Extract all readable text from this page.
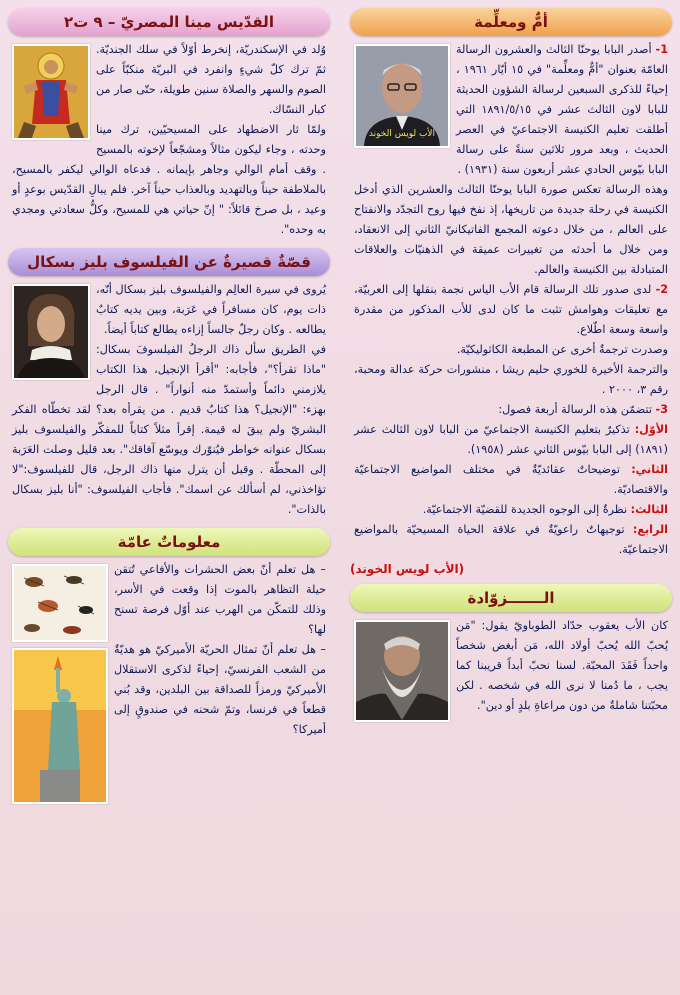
أمٌّ ومعلِّمة
الأب لويس الخوند

1- أصدر البابا يوحنّا الثالث والعشرون الرسالة العامّة بعنوان "أمٌّ ومعلِّمة" في ١٥ أيّار ١٩٦١ ، إحياءً للذكرى السبعين لرسالة الشؤون الحديثة للبابا لاون الثالث عشر في ١٨٩١/٥/١٥ التي أطلقت تعليم الكنيسة الاجتماعيّ في العصر الحديث ، وبعد مرور ثلاثين سنةً على رسالة البابا بيّوس الحادي عشر أربعون سنة (١٩٣١) .

وهذه الرسالة تعكس صورة البابا يوحنّا الثالث والعشرين الذي أدخل الكنيسة في رحلة جديدة من تاريخها، إذ نفخ فيها روح التجدّد والانفتاح على العالم ، من خلال دعوته المجمع الفاتيكانيّ الثاني إلى الانعقاد، ومن خلال ما أحدثه من تغييرات عميقة في الذهنيّات والعلاقات المتبادلة بين الكنيسة والعالم.

2- لدى صدور تلك الرسالة قام الأب الياس نجمة بنقلها إلى العربيّة، مع تعليقات وهوامش تثبت ما كان لدى للأب المذكور من مقدرة واسعة وسعة اطّلاع.

وصدرت ترجمةٌ أخرى عن المطبعة الكاثوليكيّة.

والترجمة الأخيرة للخوري حليم ريشا ، منشورات حركة عدالة ومحبة، رقم ٣، ٢٠٠٠ .

3- تتضمّن هذه الرسالة أربعة فصول:

الأوّل: تذكيرٌ بتعليم الكنيسة الاجتماعيّ من البابا لاون الثالث عشر (١٨٩١) إلى البابا بيّوس الثاني عشر (١٩٥٨).

الثاني: توضيحاتٌ عقائديّةٌ في مختلف المواضيع الاجتماعيّة والاقتصاديّة.

الثالث: نظرةٌ إلى الوجوه الجديدة للقضيّة الاجتماعيّة.

الرابع: توجيهاتٌ راعويّةٌ في علاقة الحياة المسيحيّة بالمواضيع الاجتماعيّة.

(الأب لويس الخوند)
الـــــــزوّادة

كان الأب يعقوب حدّاد الطوباويّ يقول: "مَن يُحبّ الله يُحبّ أولاد الله، مَن أبغض شخصاً واحداً فَقَدَ المحبّة. لسنا نحبّ أبداً قريبنا كما يجب ، ما دُمنا لا نرى الله في شخصه . لكن محبّتنا شاملةٌ من دون مراعاةِ بلدٍ أو دين".

القدّيس مينا المصريّ – ٩ ت٢

وُلد في الإسكندريّة، إنخرط أوّلاً في سلك الجنديّة. ثمّ ترك كلّ شيءٍ وانفرد في البريّة منكبّاً على الصوم والسهر والصلاة سنين طويلة، حتّى صار من كبار النسّاك.

ولمّا ثار الاضطهاد على المسيحيّين، ترك مينا وحدته ، وجاء ليكون مثالاً ومشجّعاً لإخوته بالمسيح . وقف أمام الوالي وجاهر بإيمانه . فدعاه الوالي ليكفر بالمسيح، بالملاطفة حيناً وبالتهديد وبالعذاب حيناً آخر. فلم يبالِ القدّيس بوعدٍ أو وعيد ، بل صرخ قائلاً: " إنّ حياتي هي للمسيح، وكلُّ سعادتي ومجدي به وحده".

قصّةٌ قصيرةٌ عن الفيلسوف بليز بسكال

يُروى في سيرة العالِم والفيلسوف بليز بسكال أنّه، ذات يوم، كان مسافراً في عَرَبة، وبين يديه كتابٌ يطالعه . وكان رجلٌ جالساً إزاءه يطالع كتاباً أيضاً.

في الطريق سأل ذاك الرجلُ الفيلسوفَ بسكال: "ماذا تقرأ؟"، فأجابه: "أقرأ الإنجيل، هذا الكتاب يلازمني دائماً وأستمدّ منه أنواراً" . قال الرجل بهزء: "الإنجيل؟ هذا كتابٌ قديم . من يقرأه بعد؟ لقد تخطّاه الفكر البشريّ ولم يبقَ له قيمة. إقرأ مثلاً كتاباً للمفكّر والفيلسوف بليز بسكال عنوانه خواطر فيُنوّرك ويوسّع آفاقك". بعد قليل وصلت العَرَبة إلى المحطّة . وقبل أن يترل منها ذاك الرجل، قال للفيلسوف:"لا تؤاخذني، لم أسألك عن اسمك". فأجاب الفيلسوف: "أنا بليز بسكال بالذات".

معلوماتٌ عامّة

– هل تعلم أنّ بعض الحشرات والأفاعي تُتقن حيلة التظاهر بالموت إذا وقعت في الأسر، وذلك للتمكّن من الهرب عند أوّل فرصة تسنح لها؟

– هل تعلم أنّ تمثال الحريّة الأميركيّ هو هديّةٌ من الشعب الفرنسيّ، إحياءً لذكرى الاستقلال الأميركيّ ورمزاً للصداقة بين البلدين، وقد بُني قطعاً في فرنسا، وتمّ شحنه في صندوقٍ إلى أميركا؟
